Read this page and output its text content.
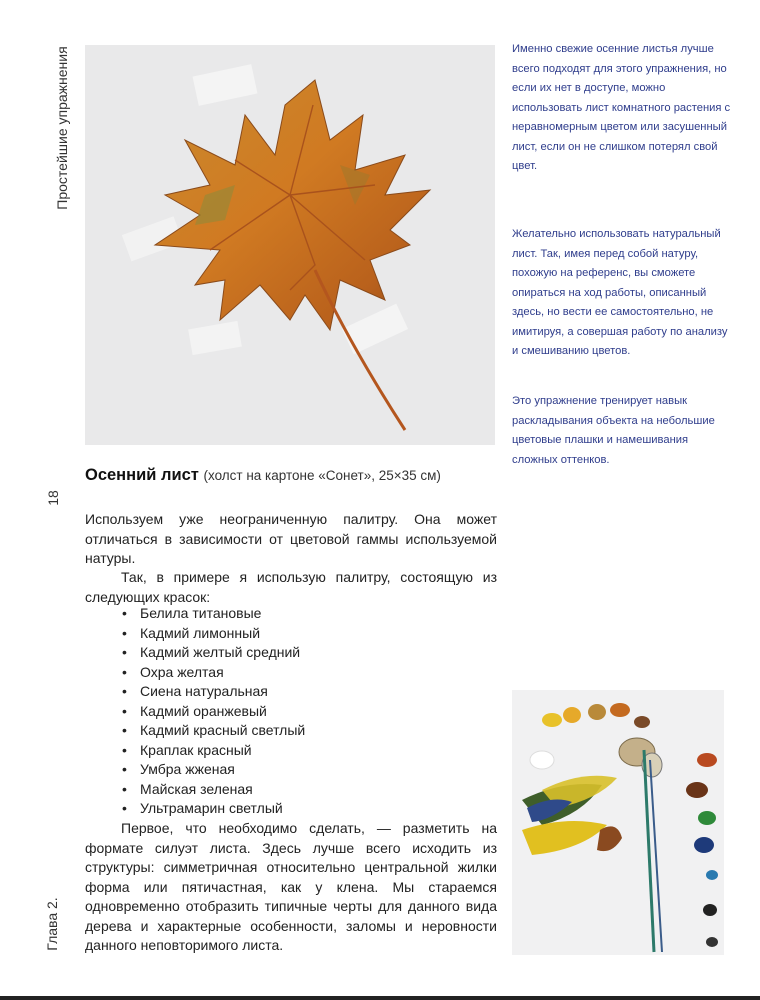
Простейшие упражнения
18
Глава 2.
Именно свежие осенние листья лучше всего подходят для этого упражнения, но если их нет в доступе, можно использовать лист комнатного растения с неравномерным цветом или засушенный лист, если он не слишком потерял свой цвет.
Желательно использовать натуральный лист. Так, имея перед собой натуру, похожую на референс, вы сможете опираться на ход работы, описанный здесь, но вести ее самостоятельно, не имитируя, а совершая работу по анализу и смешиванию цветов.
Это упражнение тренирует навык раскладывания объекта на небольшие цветовые плашки и намешивания сложных оттенков.
Осенний лист (холст на картоне «Сонет», 25×35 см)
Используем уже неограниченную палитру. Она может отличаться в зависимости от цветовой гаммы используемой натуры.
Так, в примере я использую палитру, состоящую из следующих красок:
• Белила титановые
• Кадмий лимонный
• Кадмий желтый средний
• Охра желтая
• Сиена натуральная
• Кадмий оранжевый
• Кадмий красный светлый
• Краплак красный
• Умбра жженая
• Майская зеленая
• Ультрамарин светлый
Первое, что необходимо сделать, — разметить на формате силуэт листа. Здесь лучше всего исходить из структуры: симметричная относительно центральной жилки форма или пятичастная, как у клена. Мы стараемся одновременно отобразить типичные черты для данного вида дерева и характерные особенности, заломы и неровности данного неповторимого листа.
